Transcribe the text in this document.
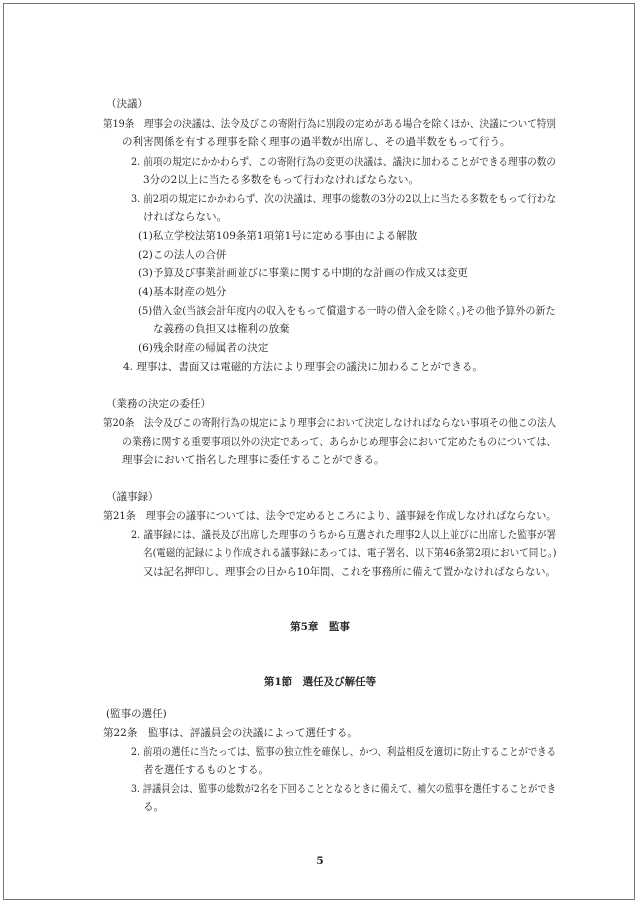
（決議）
第19条　理事会の決議は、法令及びこの寄附行為に別段の定めがある場合を除くほか、決議について特別
の利害関係を有する理事を除く理事の過半数が出席し、その過半数をもって行う。
2. 前項の規定にかかわらず、この寄附行為の変更の決議は、議決に加わることができる理事の数の
3分の2以上に当たる多数をもって行わなければならない。
3. 前2項の規定にかかわらず、次の決議は、理事の総数の3分の2以上に当たる多数をもって行わな
ければならない。
(1)私立学校法第109条第1項第1号に定める事由による解散
(2)この法人の合併
(3)予算及び事業計画並びに事業に関する中期的な計画の作成又は変更
(4)基本財産の処分
(5)借入金(当該会計年度内の収入をもって償還する一時の借入金を除く。)その他予算外の新た
な義務の負担又は権利の放棄
(6)残余財産の帰属者の決定
4. 理事は、書面又は電磁的方法により理事会の議決に加わることができる。
（業務の決定の委任）
第20条　法令及びこの寄附行為の規定により理事会において決定しなければならない事項その他この法人
の業務に関する重要事項以外の決定であって、あらかじめ理事会において定めたものについては、
理事会において指名した理事に委任することができる。
（議事録）
第21条　理事会の議事については、法令で定めるところにより、議事録を作成しなければならない。
2. 議事録には、議長及び出席した理事のうちから互選された理事2人以上並びに出席した監事が署
名(電磁的記録により作成される議事録にあっては、電子署名、以下第46条第2項において同じ。)
又は記名押印し、理事会の日から10年間、これを事務所に備えて置かなければならない。
第5章　監事
第1節　選任及び解任等
(監事の選任)
第22条　監事は、評議員会の決議によって選任する。
2. 前項の選任に当たっては、監事の独立性を確保し、かつ、利益相反を適切に防止することができる
者を選任するものとする。
3. 評議員会は、監事の総数が2名を下回ることとなるときに備えて、補欠の監事を選任することができ
る。
5
